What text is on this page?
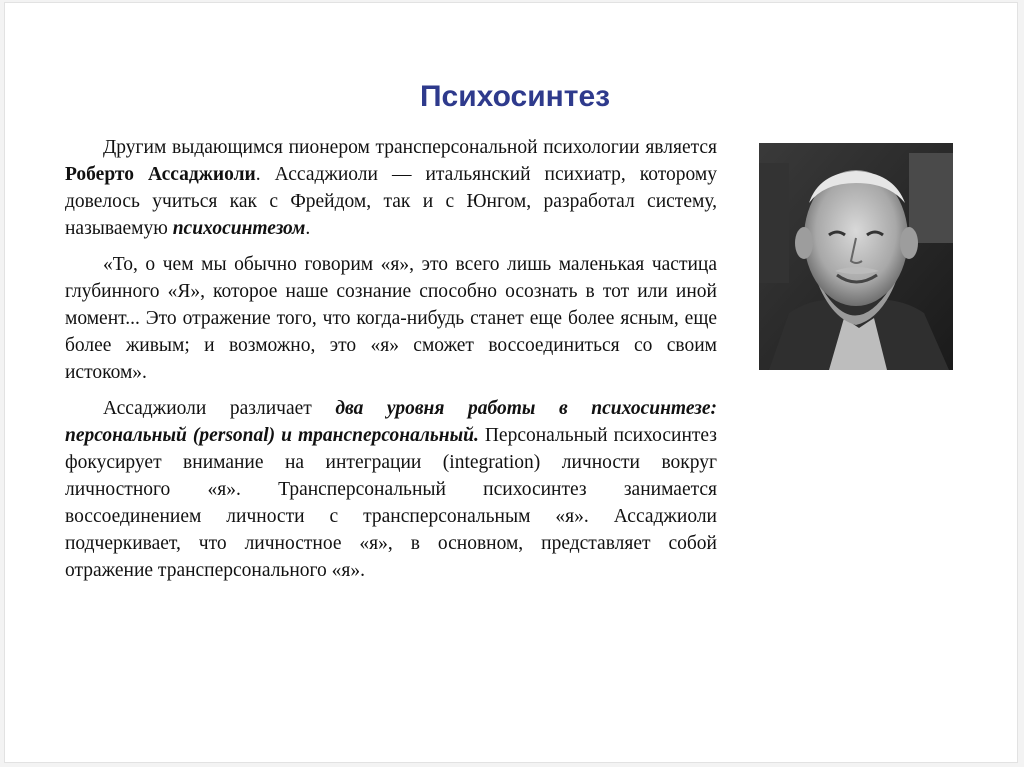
Психосинтез

Другим выдающимся пионером трансперсональной психологии является Роберто Ассаджиоли. Ассаджиоли — итальянский психиатр, которому довелось учиться как с Фрейдом, так и с Юнгом, разработал систему, называемую психосинтезом.

«То, о чем мы обычно говорим «я», это всего лишь маленькая частица глубинного «Я», которое наше сознание способно осознать в тот или иной момент... Это отражение того, что когда-нибудь станет еще более ясным, еще более живым; и возможно, это «я» сможет воссоединиться со своим истоком».

Ассаджиоли различает два уровня работы в психосинтезе: персональный (personal) и трансперсональный. Персональный психосинтез фокусирует внимание на интеграции (integration) личности вокруг личностного «я». Трансперсональный психосинтез занимается воссоединением личности с трансперсональным «я». Ассаджиоли подчеркивает, что личностное «я», в основном, представляет собой отражение трансперсонального «я».
